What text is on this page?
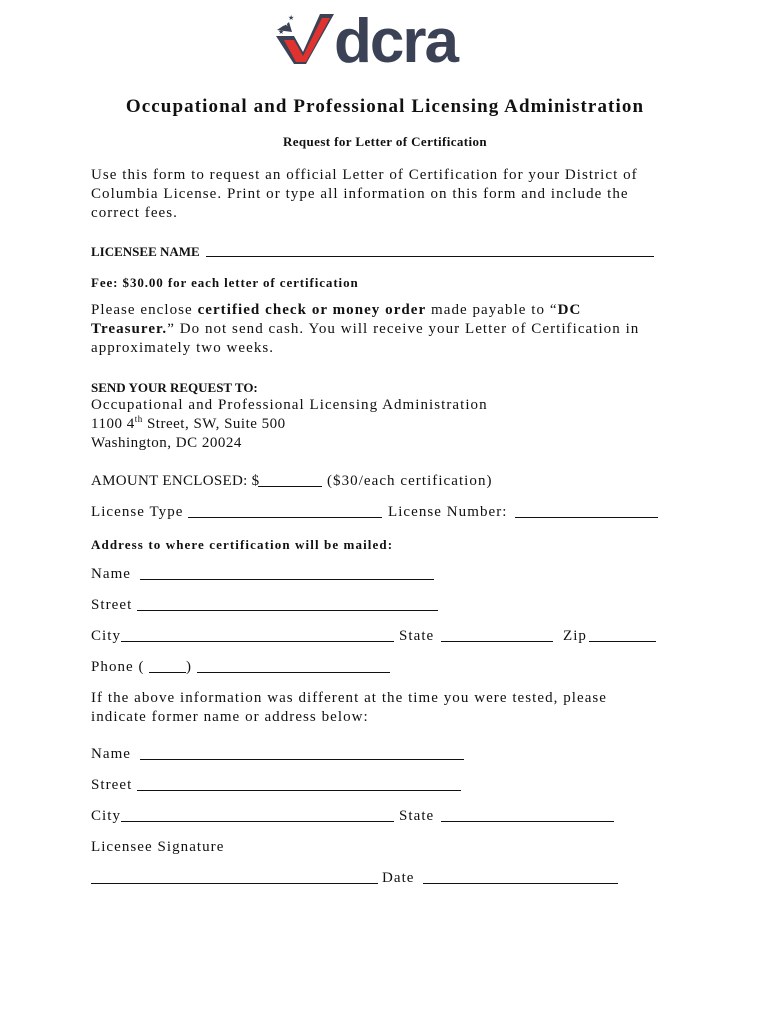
★
★
★ dcra
Occupational and Professional Licensing Administration
Request for Letter of Certification
Use this form to request an official Letter of Certification for your District of
Columbia License. Print or type all information on this form and include the
correct fees.
LICENSEE NAME
Fee: $30.00 for each letter of certification
Please enclose certified check or money order made payable to “DC
Treasurer.” Do not send cash. You will receive your Letter of Certification in
approximately two weeks.
SEND YOUR REQUEST TO:
Occupational and Professional Licensing Administration
1100 4th Street, SW, Suite 500
Washington, DC 20024
AMOUNT ENCLOSED: $	($30/each certification)
License Type	License Number:
Address to where certification will be mailed:
Name
Street
City	State	Zip
Phone (	)
If the above information was different at the time you were tested, please
indicate former name or address below:
Name
Street
City	State
Licensee Signature
Date
